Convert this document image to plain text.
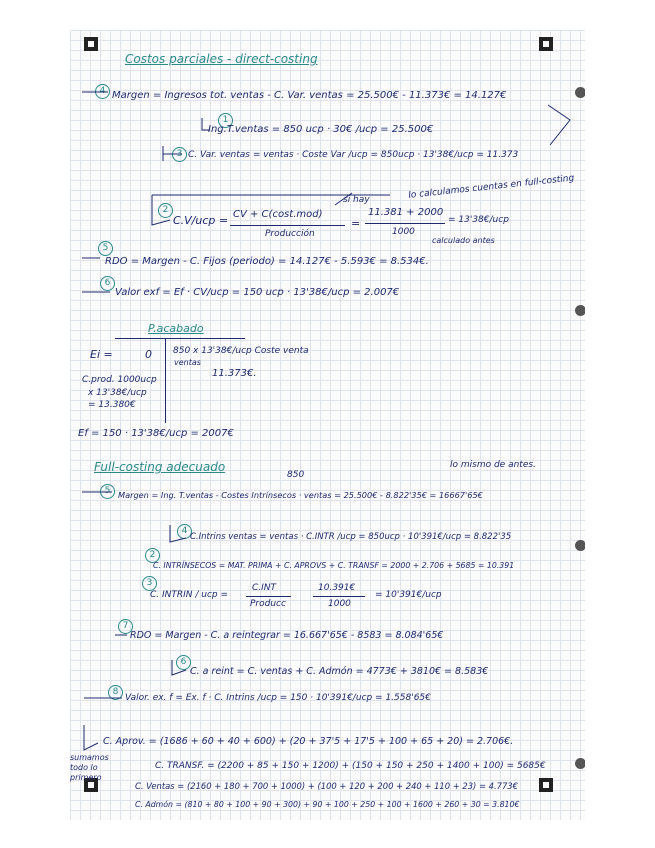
Costos parciales - direct-costing
4 Margen = Ingresos tot. ventas - C. Var. ventas = 25.500€ - 11.373€ = 14.127€
1
Ing.T.ventas = 850 ucp · 30€ /ucp = 25.500€
3 C. Var. ventas = ventas · Coste Var /ucp = 850ucp · 13'38€/ucp = 11.373
si hay	lo calculamos cuentas en full-costing
2
C.V/ucp = CV + C(cost.mod)
Producción
=
11.381 + 2000
1000
= 13'38€/ucp
calculado antes
5
RDO = Margen - C. Fijos (periodo) = 14.127€ - 5.593€ = 8.534€.
6
Valor exf = Ef · CV/ucp = 150 ucp · 13'38€/ucp = 2.007€
P.acabado
Ei =	0 850 x 13'38€/ucp Coste venta
ventas
11.373€.
C.prod. 1000ucp
x 13'38€/ucp
= 13.380€
Ef = 150 · 13'38€/ucp = 2007€
Full-costing adecuado	lo mismo de antes.
850
5 Margen = Ing. T.ventas - Costes Intrínsecos · ventas = 25.500€ - 8.822'35€ = 16667'65€
4
C.Intrins ventas = ventas · C.INTR /ucp = 850ucp · 10'391€/ucp = 8.822'35
2
C. INTRÍNSECOS = MAT. PRIMA + C. APROVS + C. TRANSF = 2000 + 2.706 + 5685 = 10.391
3
C. INTRIN / ucp =
C.INT
Producc
10.391€
1000
= 10'391€/ucp
7
RDO = Margen - C. a reintegrar = 16.667'65€ - 8583 = 8.084'65€
6
C. a reint = C. ventas + C. Admón = 4773€ + 3810€ = 8.583€
8
Valor. ex. f = Ex. f · C. Intrins /ucp = 150 · 10'391€/ucp = 1.558'65€
C. Aprov. = (1686 + 60 + 40 + 600) + (20 + 37'5 + 17'5 + 100 + 65 + 20) = 2.706€.
sumamos todo lo primero
C. TRANSF. = (2200 + 85 + 150 + 1200) + (150 + 150 + 250 + 1400 + 100) = 5685€
C. Ventas = (2160 + 180 + 700 + 1000) + (100 + 120 + 200 + 240 + 110 + 23) = 4.773€
C. Admón = (810 + 80 + 100 + 90 + 300) + 90 + 100 + 250 + 100 + 1600 + 260 + 30 = 3.810€
